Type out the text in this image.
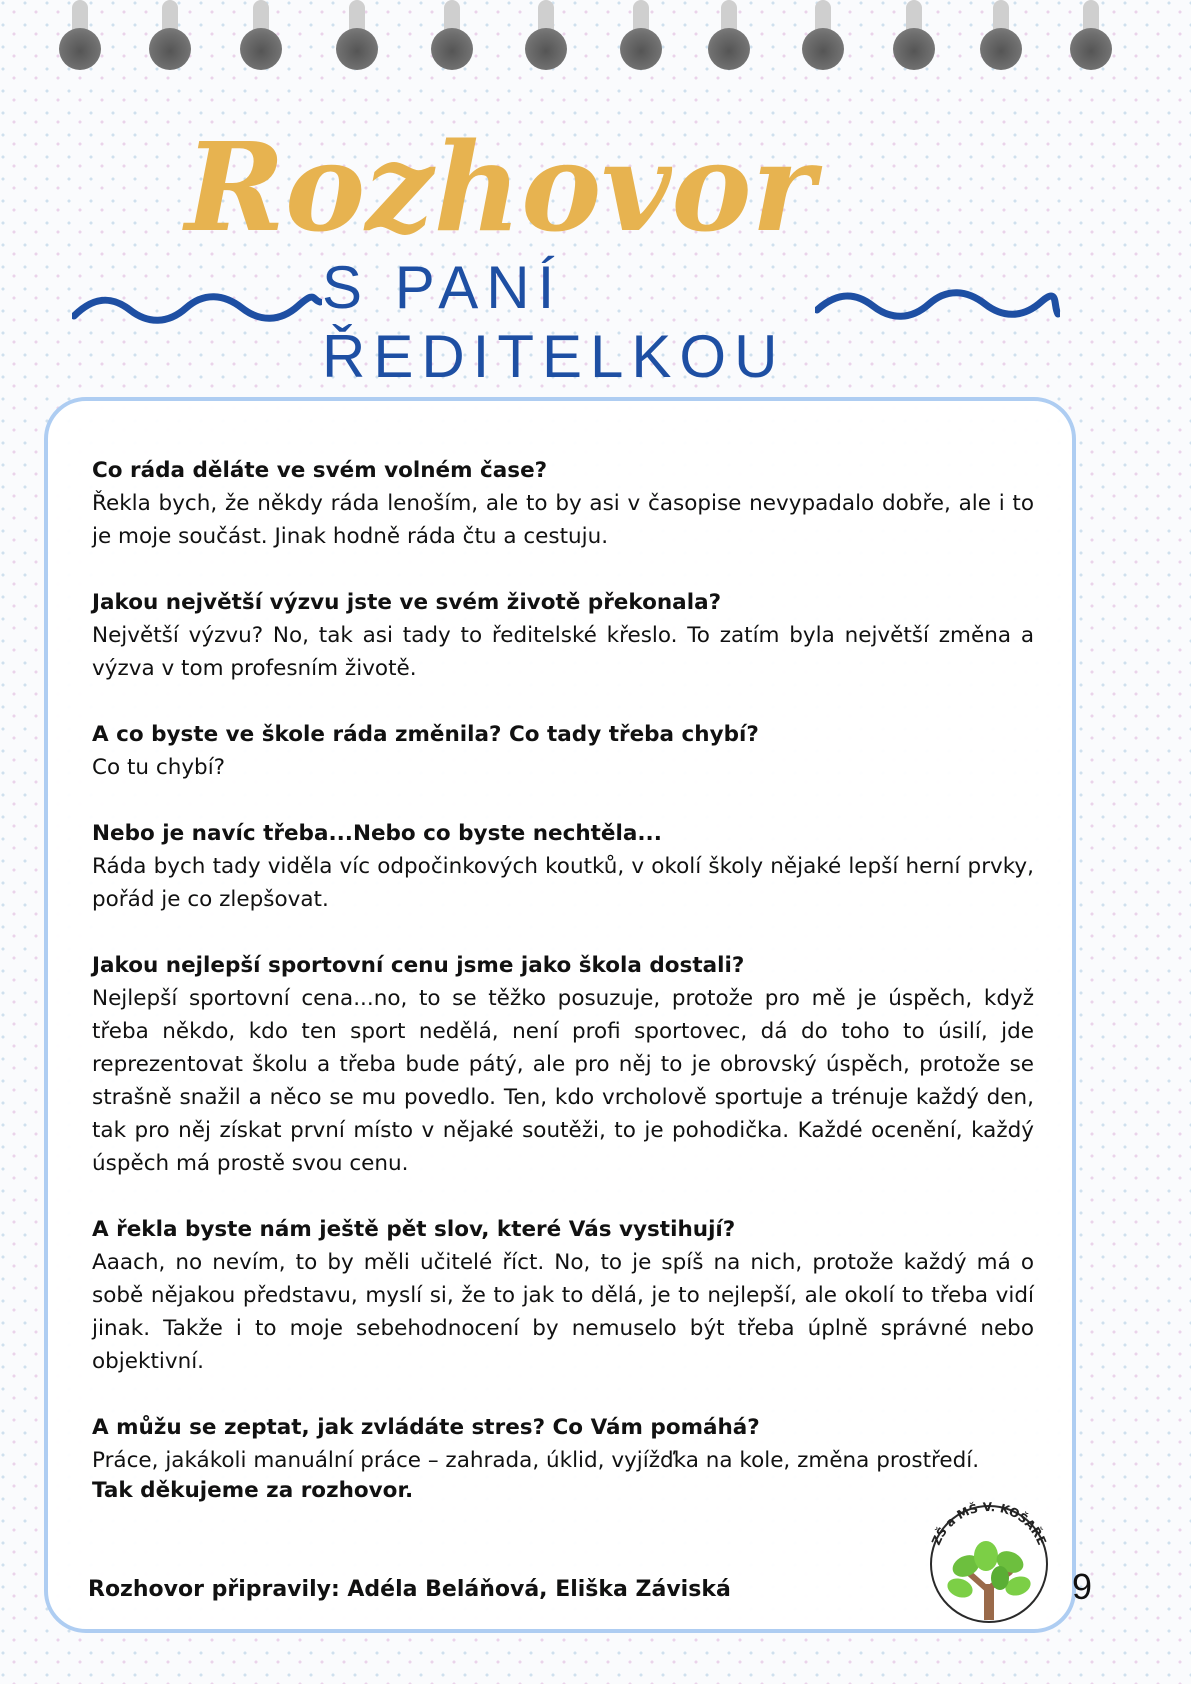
Rozhovor
S PANÍ
ŘEDITELKOU
Co ráda děláte ve svém volném čase?
Řekla bych, že někdy ráda lenoším, ale to by asi v časopise nevypadalo dobře, ale i to je moje součást. Jinak hodně ráda čtu a cestuju.
Jakou největší výzvu jste ve svém životě překonala?
Největší výzvu? No, tak asi tady to ředitelské křeslo. To zatím byla největší změna a výzva v tom profesním životě.
A co byste ve škole ráda změnila? Co tady třeba chybí?
Co tu chybí?
Nebo je navíc třeba...Nebo co byste nechtěla...
Ráda bych tady viděla víc odpočinkových koutků, v okolí školy nějaké lepší herní prvky, pořád je co zlepšovat.
Jakou nejlepší sportovní cenu jsme jako škola dostali?
Nejlepší sportovní cena...no, to se těžko posuzuje, protože pro mě je úspěch, když třeba někdo, kdo ten sport nedělá, není profi sportovec, dá do toho to úsilí, jde reprezentovat školu a třeba bude pátý, ale pro něj to je obrovský úspěch, protože se strašně snažil a něco se mu povedlo. Ten, kdo vrcholově sportuje a trénuje každý den, tak pro něj získat první místo v nějaké soutěži, to je pohodička. Každé ocenění, každý úspěch má prostě svou cenu.
A řekla byste nám ještě pět slov, které Vás vystihují?
Aaach, no nevím, to by měli učitelé říct. No, to je spíš na nich, protože každý má o sobě nějakou představu, myslí si, že to jak to dělá, je to nejlepší, ale okolí to třeba vidí jinak. Takže i to moje sebehodnocení by nemuselo být třeba úplně správné nebo objektivní.
A můžu se zeptat, jak zvládáte stres? Co Vám pomáhá?
Práce, jakákoli manuální práce – zahrada, úklid, vyjížďka na kole, změna prostředí.
Tak děkujeme za rozhovor.
Rozhovor připravily: Adéla Beláňová, Eliška Záviská
ZŠ a MŠ V. KOŠAŘE
9
